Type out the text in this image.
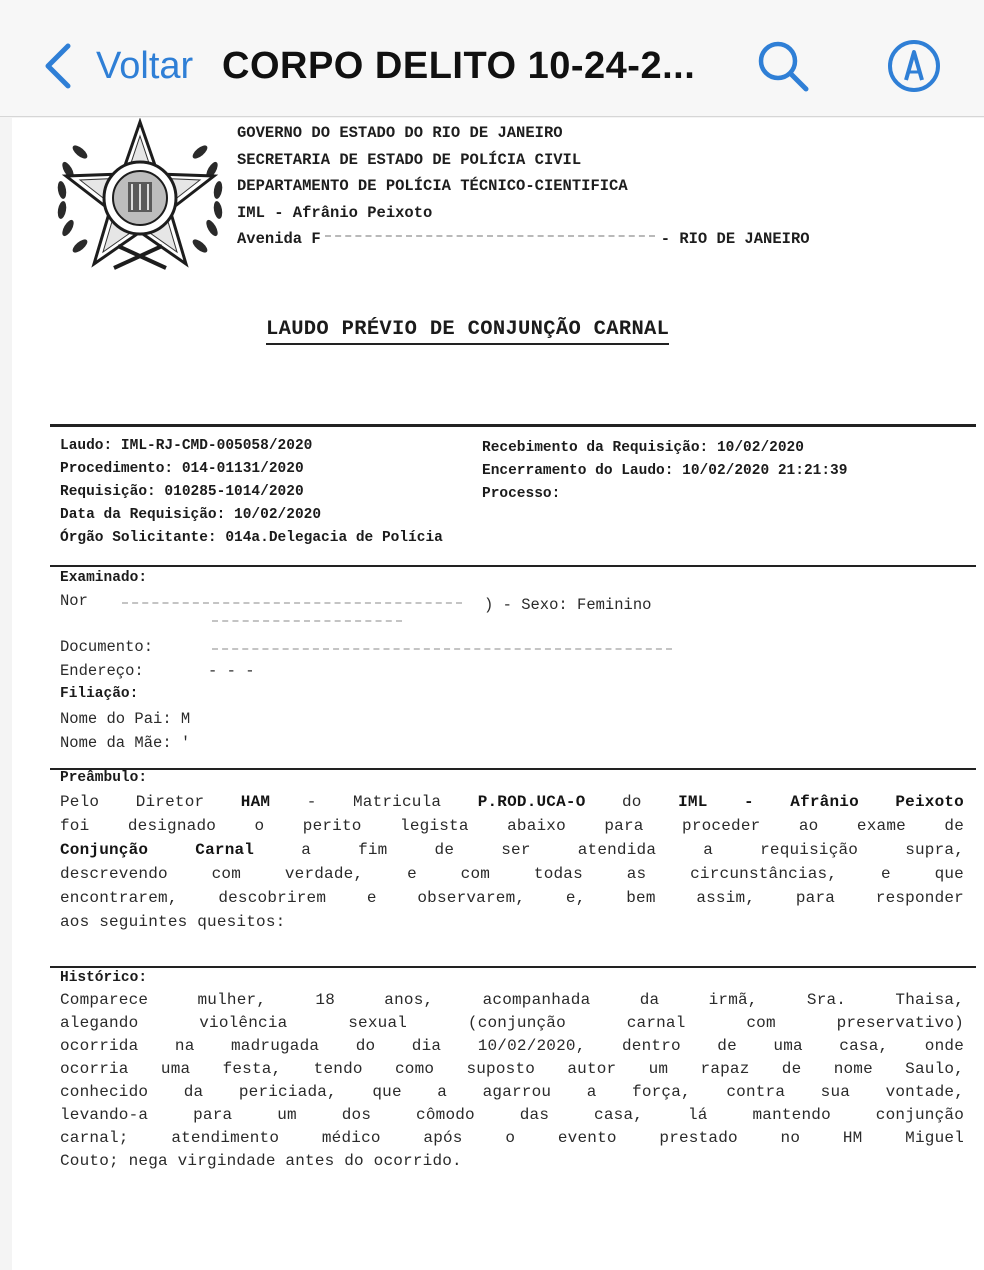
Voltar CORPO DELITO 10-24-2...
GOVERNO DO ESTADO DO RIO DE JANEIRO
SECRETARIA DE ESTADO DE POLÍCIA CIVIL
DEPARTAMENTO DE POLÍCIA TÉCNICO-CIENTIFICA
IML - Afrânio Peixoto
Avenida F	- RIO DE JANEIRO
LAUDO PRÉVIO DE CONJUNÇÃO CARNAL
Laudo: IML-RJ-CMD-005058/2020
Procedimento: 014-01131/2020
Requisição: 010285-1014/2020
Data da Requisição: 10/02/2020
Órgão Solicitante: 014a.Delegacia de Polícia
Recebimento da Requisição: 10/02/2020
Encerramento do Laudo: 10/02/2020 21:21:39
Processo:
Examinado:
Nor	) - Sexo: Feminino
Documento:
Endereço:	- - -
Filiação:
Nome do Pai: M
Nome da Mãe: '
Preâmbulo:
Pelo Diretor HAM - Matricula P.ROD.UCA-O do IML - Afrânio Peixoto
foi designado o perito legista abaixo para proceder ao exame de
Conjunção Carnal a fim de ser atendida a requisição supra,
descrevendo com verdade, e com todas as circunstâncias, e que
encontrarem, descobrirem e observarem, e, bem assim, para responder
aos seguintes quesitos:
Histórico:
Comparece mulher, 18 anos, acompanhada da irmã, Sra. Thaisa,
alegando violência sexual (conjunção carnal com preservativo)
ocorrida na madrugada do dia 10/02/2020, dentro de uma casa, onde
ocorria uma festa, tendo como suposto autor um rapaz de nome Saulo,
conhecido da periciada, que a agarrou a força, contra sua vontade,
levando-a para um dos cômodo das casa, lá mantendo conjunção
carnal; atendimento médico após o evento prestado no HM Miguel
Couto; nega virgindade antes do ocorrido.
